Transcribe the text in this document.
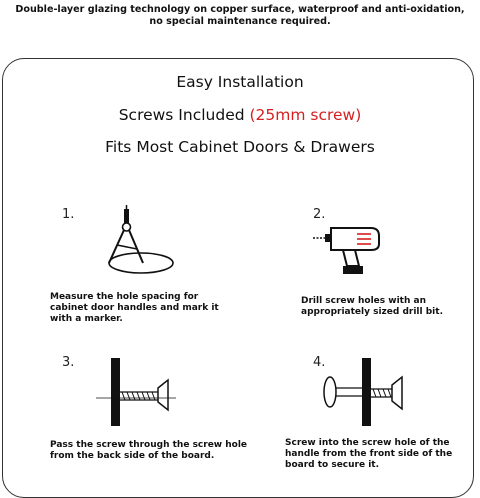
Double-layer glazing technology on copper surface, waterproof and anti-oxidation, no special maintenance required.
Easy Installation
Screws Included (25mm screw)
Fits Most Cabinet Doors & Drawers
1.
Measure the hole spacing for cabinet door handles and mark it with a marker.
2.
Drill screw holes with an appropriately sized drill bit.
3.
Pass the screw through the screw hole from the back side of the board.
4.
Screw into the screw hole of the handle from the front side of the board to secure it.
